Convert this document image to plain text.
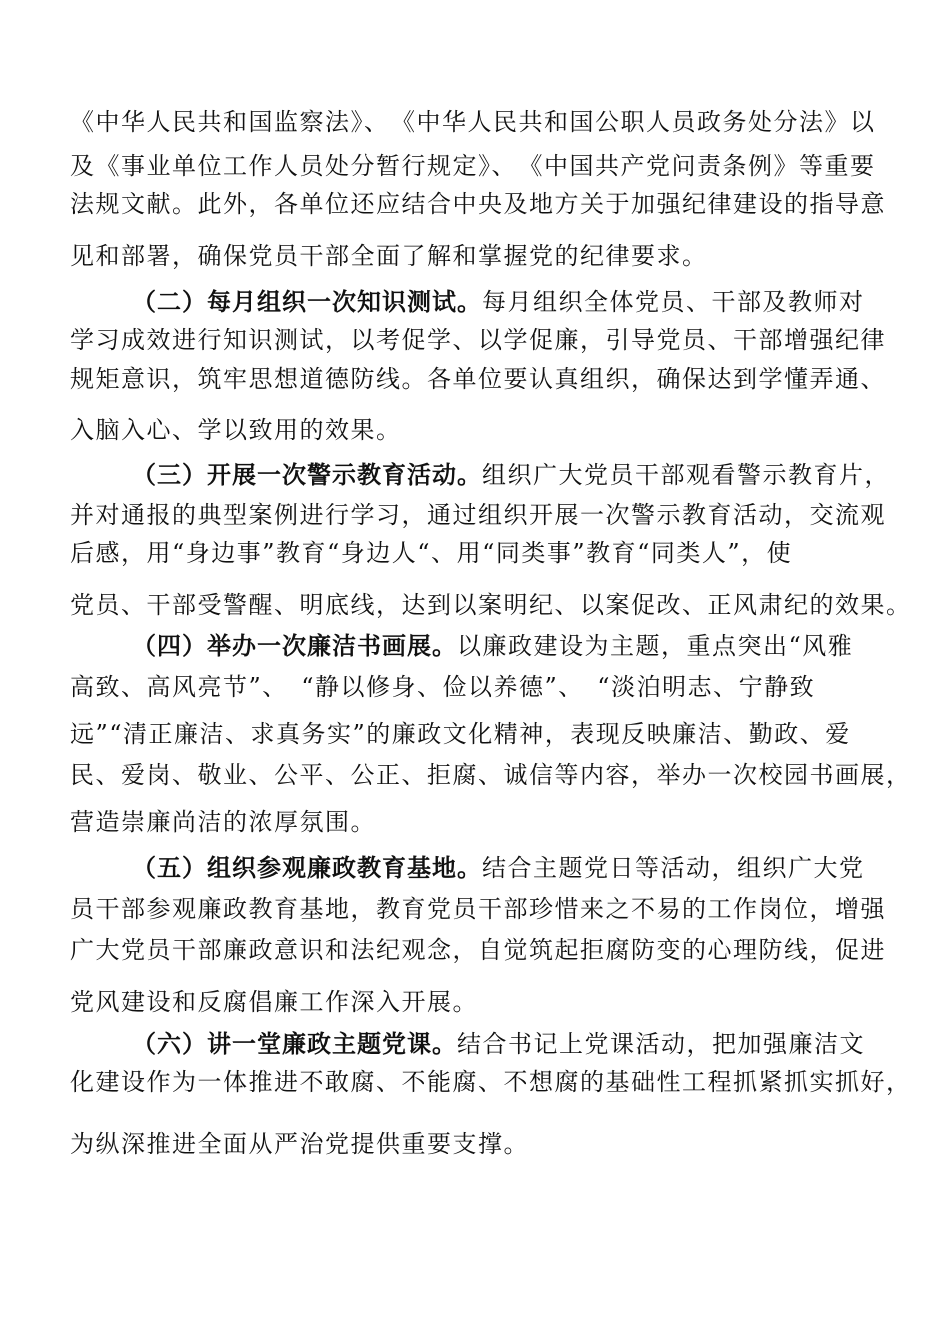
《中华人民共和国监察法》、　《中华人民共和国公职人员政务处分法》以
及《事业单位工作人员处分暂行规定》、　《中国共产党问责条例》等重要
法规文献。此外，各单位还应结合中央及地方关于加强纪律建设的指导意
见和部署，确保党员干部全面了解和掌握党的纪律要求。
（二）每月组织一次知识测试。每月组织全体党员、干部及教师对
学习成效进行知识测试，以考促学、以学促廉，引导党员、干部增强纪律
规矩意识，筑牢思想道德防线。各单位要认真组织，确保达到学懂弄通、
入脑入心、学以致用的效果。
（三）开展一次警示教育活动。组织广大党员干部观看警示教育片，
并对通报的典型案例进行学习，通过组织开展一次警示教育活动，交流观
后感，用“身边事”教育“身边人“、用“同类事”教育“同类人”，使
党员、干部受警醒、明底线，达到以案明纪、以案促改、正风肃纪的效果。
（四）举办一次廉洁书画展。以廉政建设为主题，重点突出“风雅
高致、高风亮节”、　“静以修身、俭以养德”、　“淡泊明志、宁静致
远”“清正廉洁、求真务实”的廉政文化精神，表现反映廉洁、勤政、爱
民、爱岗、敬业、公平、公正、拒腐、诚信等内容，举办一次校园书画展，
营造崇廉尚洁的浓厚氛围。
（五）组织参观廉政教育基地。结合主题党日等活动，组织广大党
员干部参观廉政教育基地，教育党员干部珍惜来之不易的工作岗位，增强
广大党员干部廉政意识和法纪观念，自觉筑起拒腐防变的心理防线，促进
党风建设和反腐倡廉工作深入开展。
（六）讲一堂廉政主题党课。结合书记上党课活动，把加强廉洁文
化建设作为一体推进不敢腐、不能腐、不想腐的基础性工程抓紧抓实抓好，
为纵深推进全面从严治党提供重要支撑。
